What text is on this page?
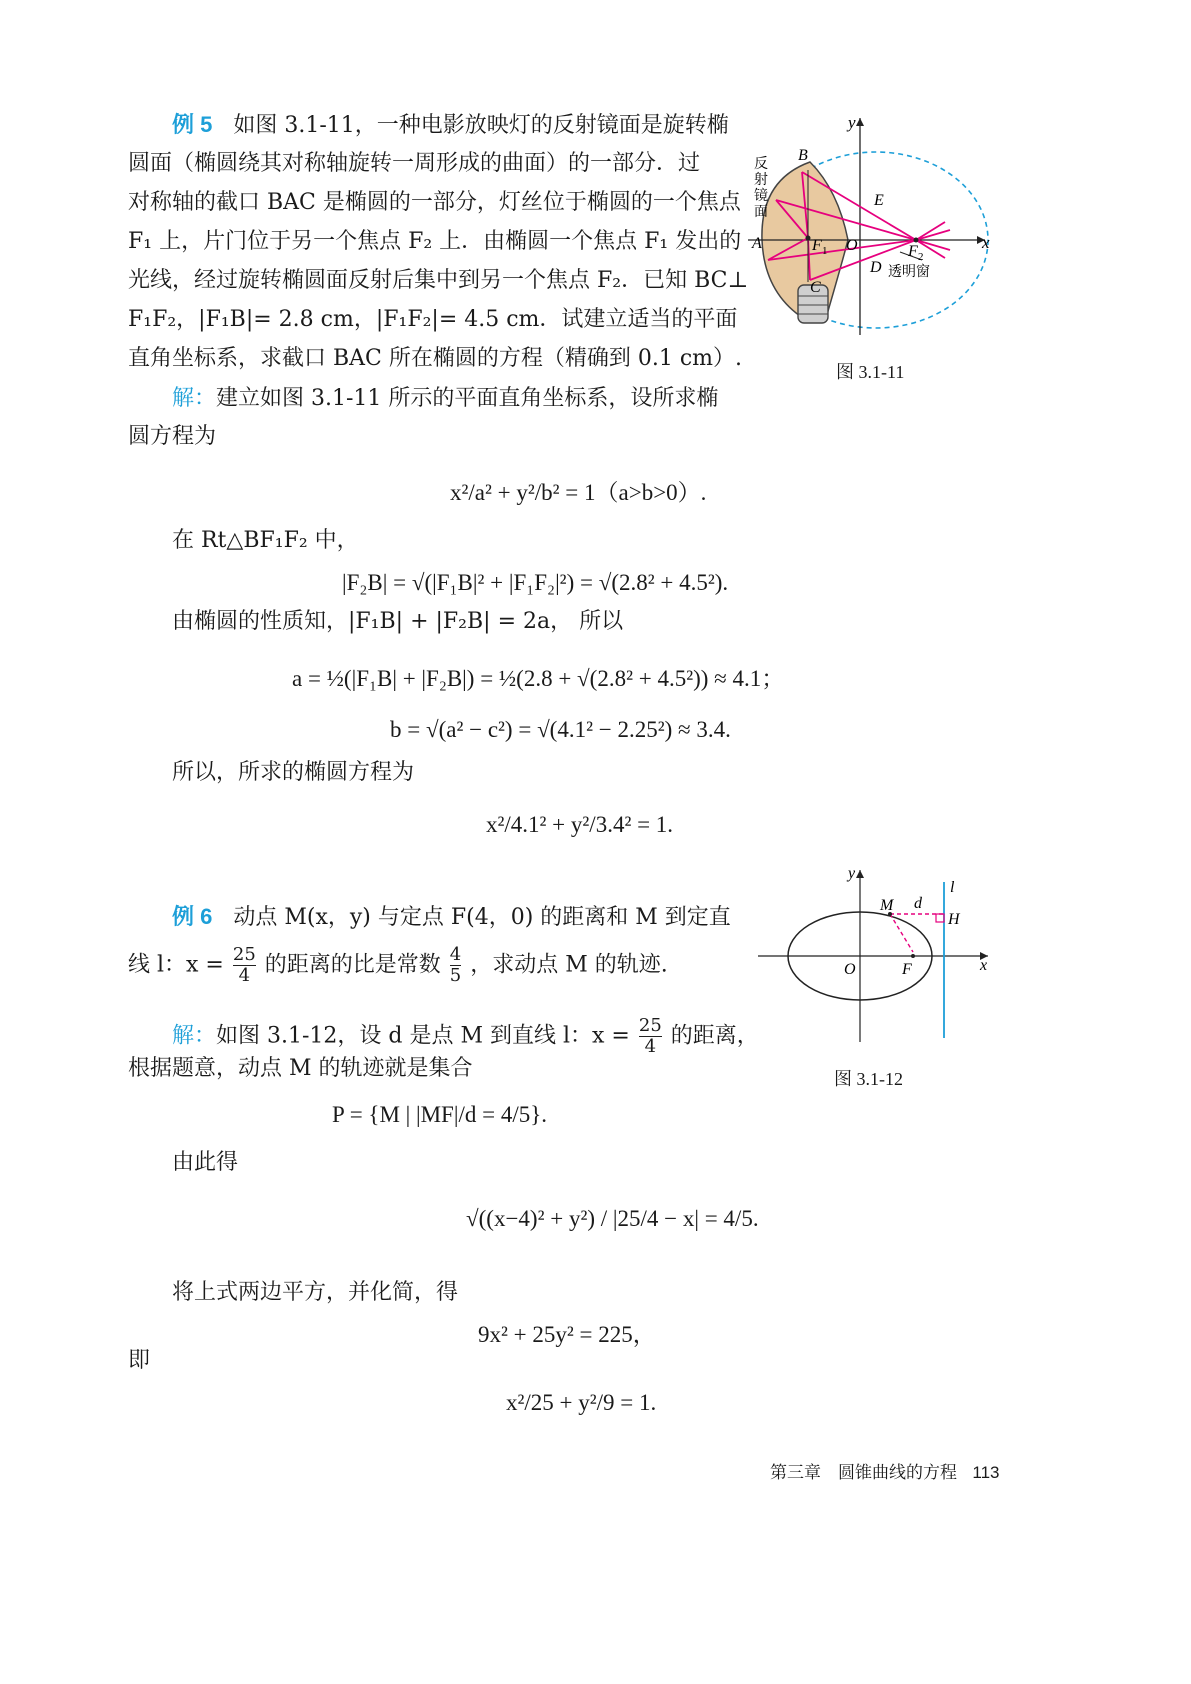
例 5 如图 3.1-11，一种电影放映灯的反射镜面是旋转椭
圆面（椭圆绕其对称轴旋转一周形成的曲面）的一部分．过
对称轴的截口 BAC 是椭圆的一部分，灯丝位于椭圆的一个焦点
F₁ 上，片门位于另一个焦点 F₂ 上．由椭圆一个焦点 F₁ 发出的
光线，经过旋转椭圆面反射后集中到另一个焦点 F₂．已知 BC⊥
F₁F₂，|F₁B|= 2.8 cm，|F₁F₂|= 4.5 cm．试建立适当的平面
直角坐标系，求截口 BAC 所在椭圆的方程（精确到 0.1 cm）.
解：建立如图 3.1-11 所示的平面直角坐标系，设所求椭
圆方程为
x²/a² + y²/b² = 1（a>b>0）.
在 Rt△BF₁F₂ 中，
|F₂B| = √(|F₁B|² + |F₁F₂|²) = √(2.8² + 4.5²).
由椭圆的性质知，|F₁B| + |F₂B| = 2a， 所以
a = ½(|F₁B| + |F₂B|) = ½(2.8 + √(2.8² + 4.5²)) ≈ 4.1；
b = √(a² − c²) = √(4.1² − 2.25²) ≈ 3.4.
所以，所求的椭圆方程为
x²/4.1² + y²/3.4² = 1.
y
x
B
E
A	F 1 O	F 2
D
C
透明窗
反
射
镜
面
图 3.1-11
例 6 动点 M(x，y) 与定点 F(4，0) 的距离和 M 到定直
线 l：$x = \frac{25}{4}$ 的距离的比是常数 $\frac{4}{5}$ ，求动点 M 的轨迹.
解：如图 3.1-12，设 d 是点 M 到直线 l：$x = \frac{25}{4}$ 的距离，
根据题意，动点 M 的轨迹就是集合
P = {M | |MF|/d = 4/5}.
由此得
√((x−4)² + y²) / |25/4 − x| = 4/5.
将上式两边平方，并化简，得
9x² + 25y² = 225，
即
x²/25 + y²/9 = 1.
y
x
M d
l
H
O	F
图 3.1-12
第三章　圆锥曲线的方程 113
